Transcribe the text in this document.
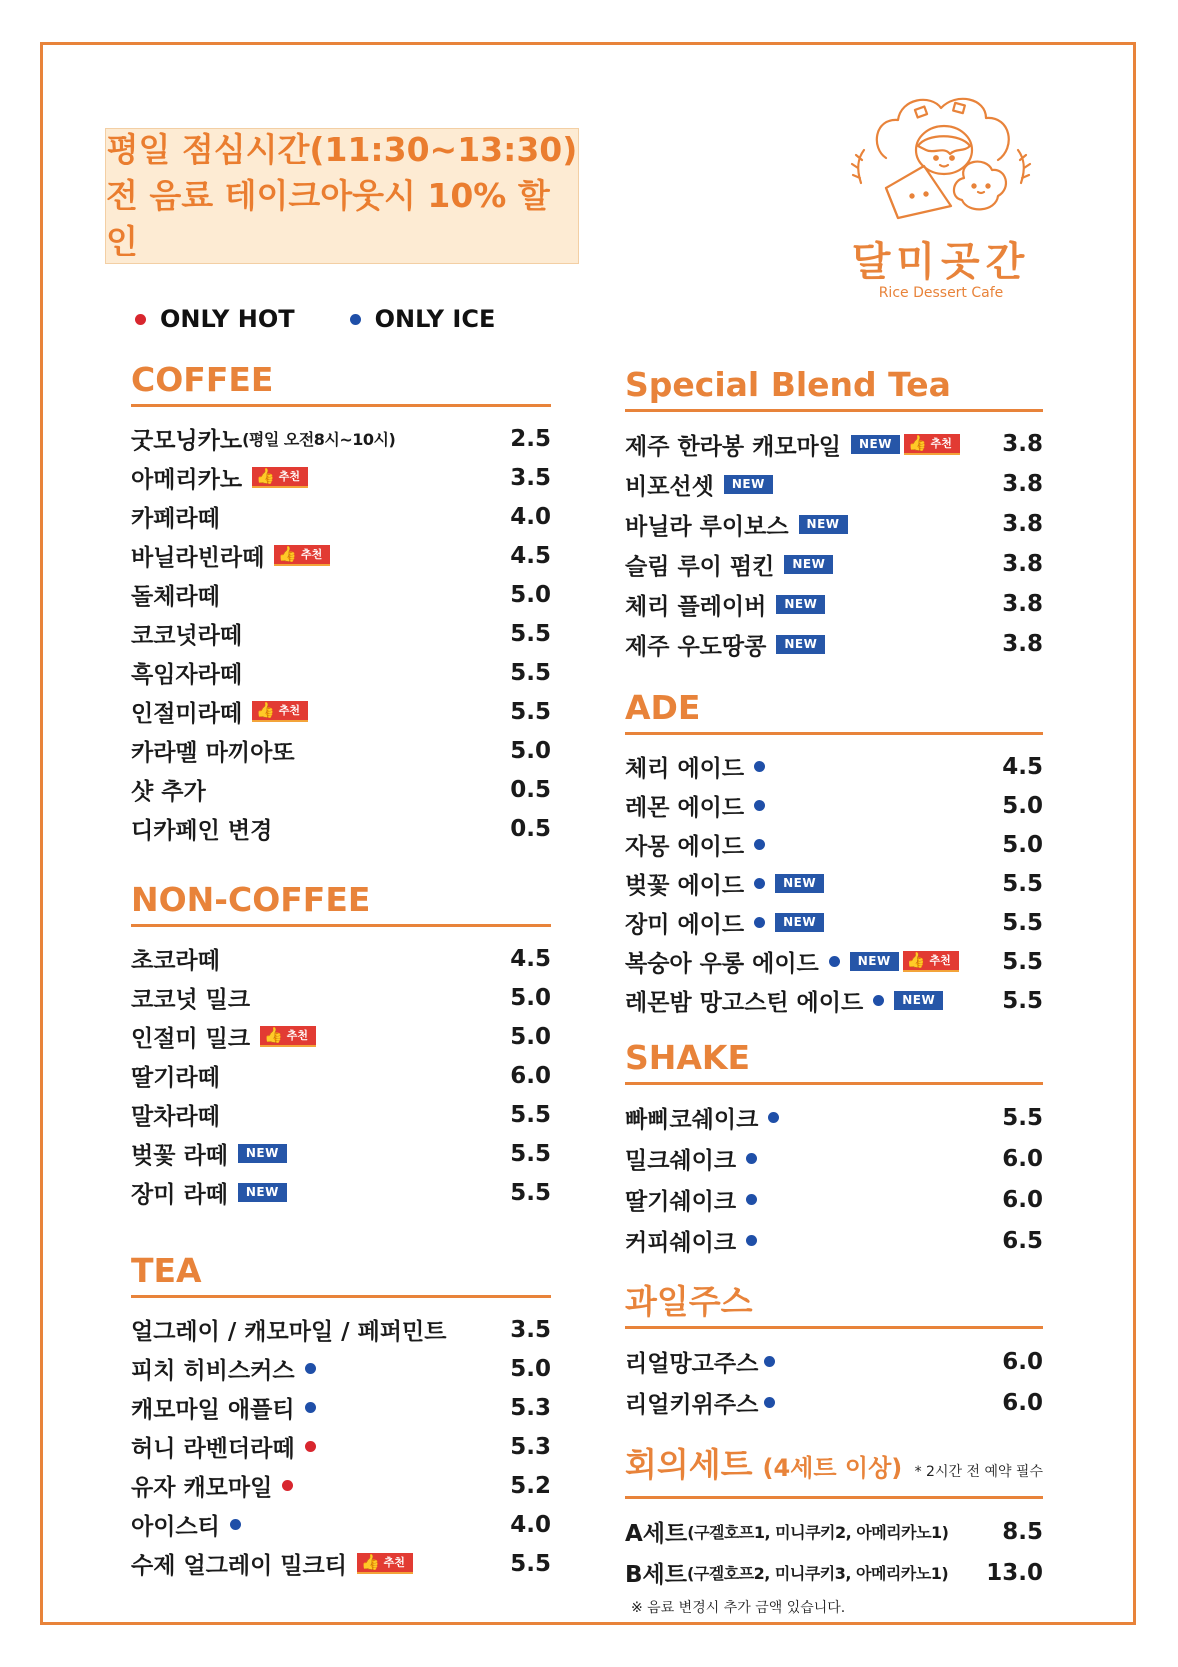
평일 점심시간(11:30~13:30)
전 음료 테이크아웃시 10% 할인
ONLY HOT	ONLY ICE
달미곳간
Rice Dessert Cafe
COFFEE
굿모닝카노 (평일 오전8시~10시)	2.5
아메리카노 👍 추천	3.5
카페라떼	4.0
바닐라빈라떼 👍 추천	4.5
돌체라떼	5.0
코코넛라떼	5.5
흑임자라떼	5.5
인절미라떼 👍 추천	5.5
카라멜 마끼아또	5.0
샷 추가	0.5
디카페인 변경	0.5
NON-COFFEE
초코라떼	4.5
코코넛 밀크	5.0
인절미 밀크 👍 추천	5.0
딸기라떼	6.0
말차라떼	5.5
벚꽃 라떼	NEW	5.5
장미 라떼	NEW	5.5
TEA
얼그레이 / 캐모마일 / 페퍼민트	3.5
피치 히비스커스	5.0
캐모마일 애플티	5.3
허니 라벤더라떼	5.3
유자 캐모마일	5.2
아이스티	4.0
수제 얼그레이 밀크티 👍 추천	5.5
Special Blend Tea
제주 한라봉 캐모마일	NEW	👍 추천 3.8
비포선셋	NEW	3.8
바닐라 루이보스	NEW	3.8
슬림 루이 펌킨	NEW	3.8
체리 플레이버	NEW	3.8
제주 우도땅콩	NEW	3.8
ADE
체리 에이드	4.5
레몬 에이드	5.0
자몽 에이드	5.0
벚꽃 에이드	NEW	5.5
장미 에이드	NEW	5.5
복숭아 우롱 에이드	NEW	👍 추천 5.5
레몬밤 망고스틴 에이드	NEW	5.5
SHAKE
빠삐코쉐이크	5.5
밀크쉐이크	6.0
딸기쉐이크	6.0
커피쉐이크	6.5
과일주스
리얼망고주스	6.0
리얼키위주스	6.0
회의세트 (4세트 이상) * 2시간 전 예약 필수
A세트 (구겔호프1, 미니쿠키2, 아메리카노1) 8.5
B세트 (구겔호프2, 미니쿠키3, 아메리카노1) 13.0
※ 음료 변경시 추가 금액 있습니다.
